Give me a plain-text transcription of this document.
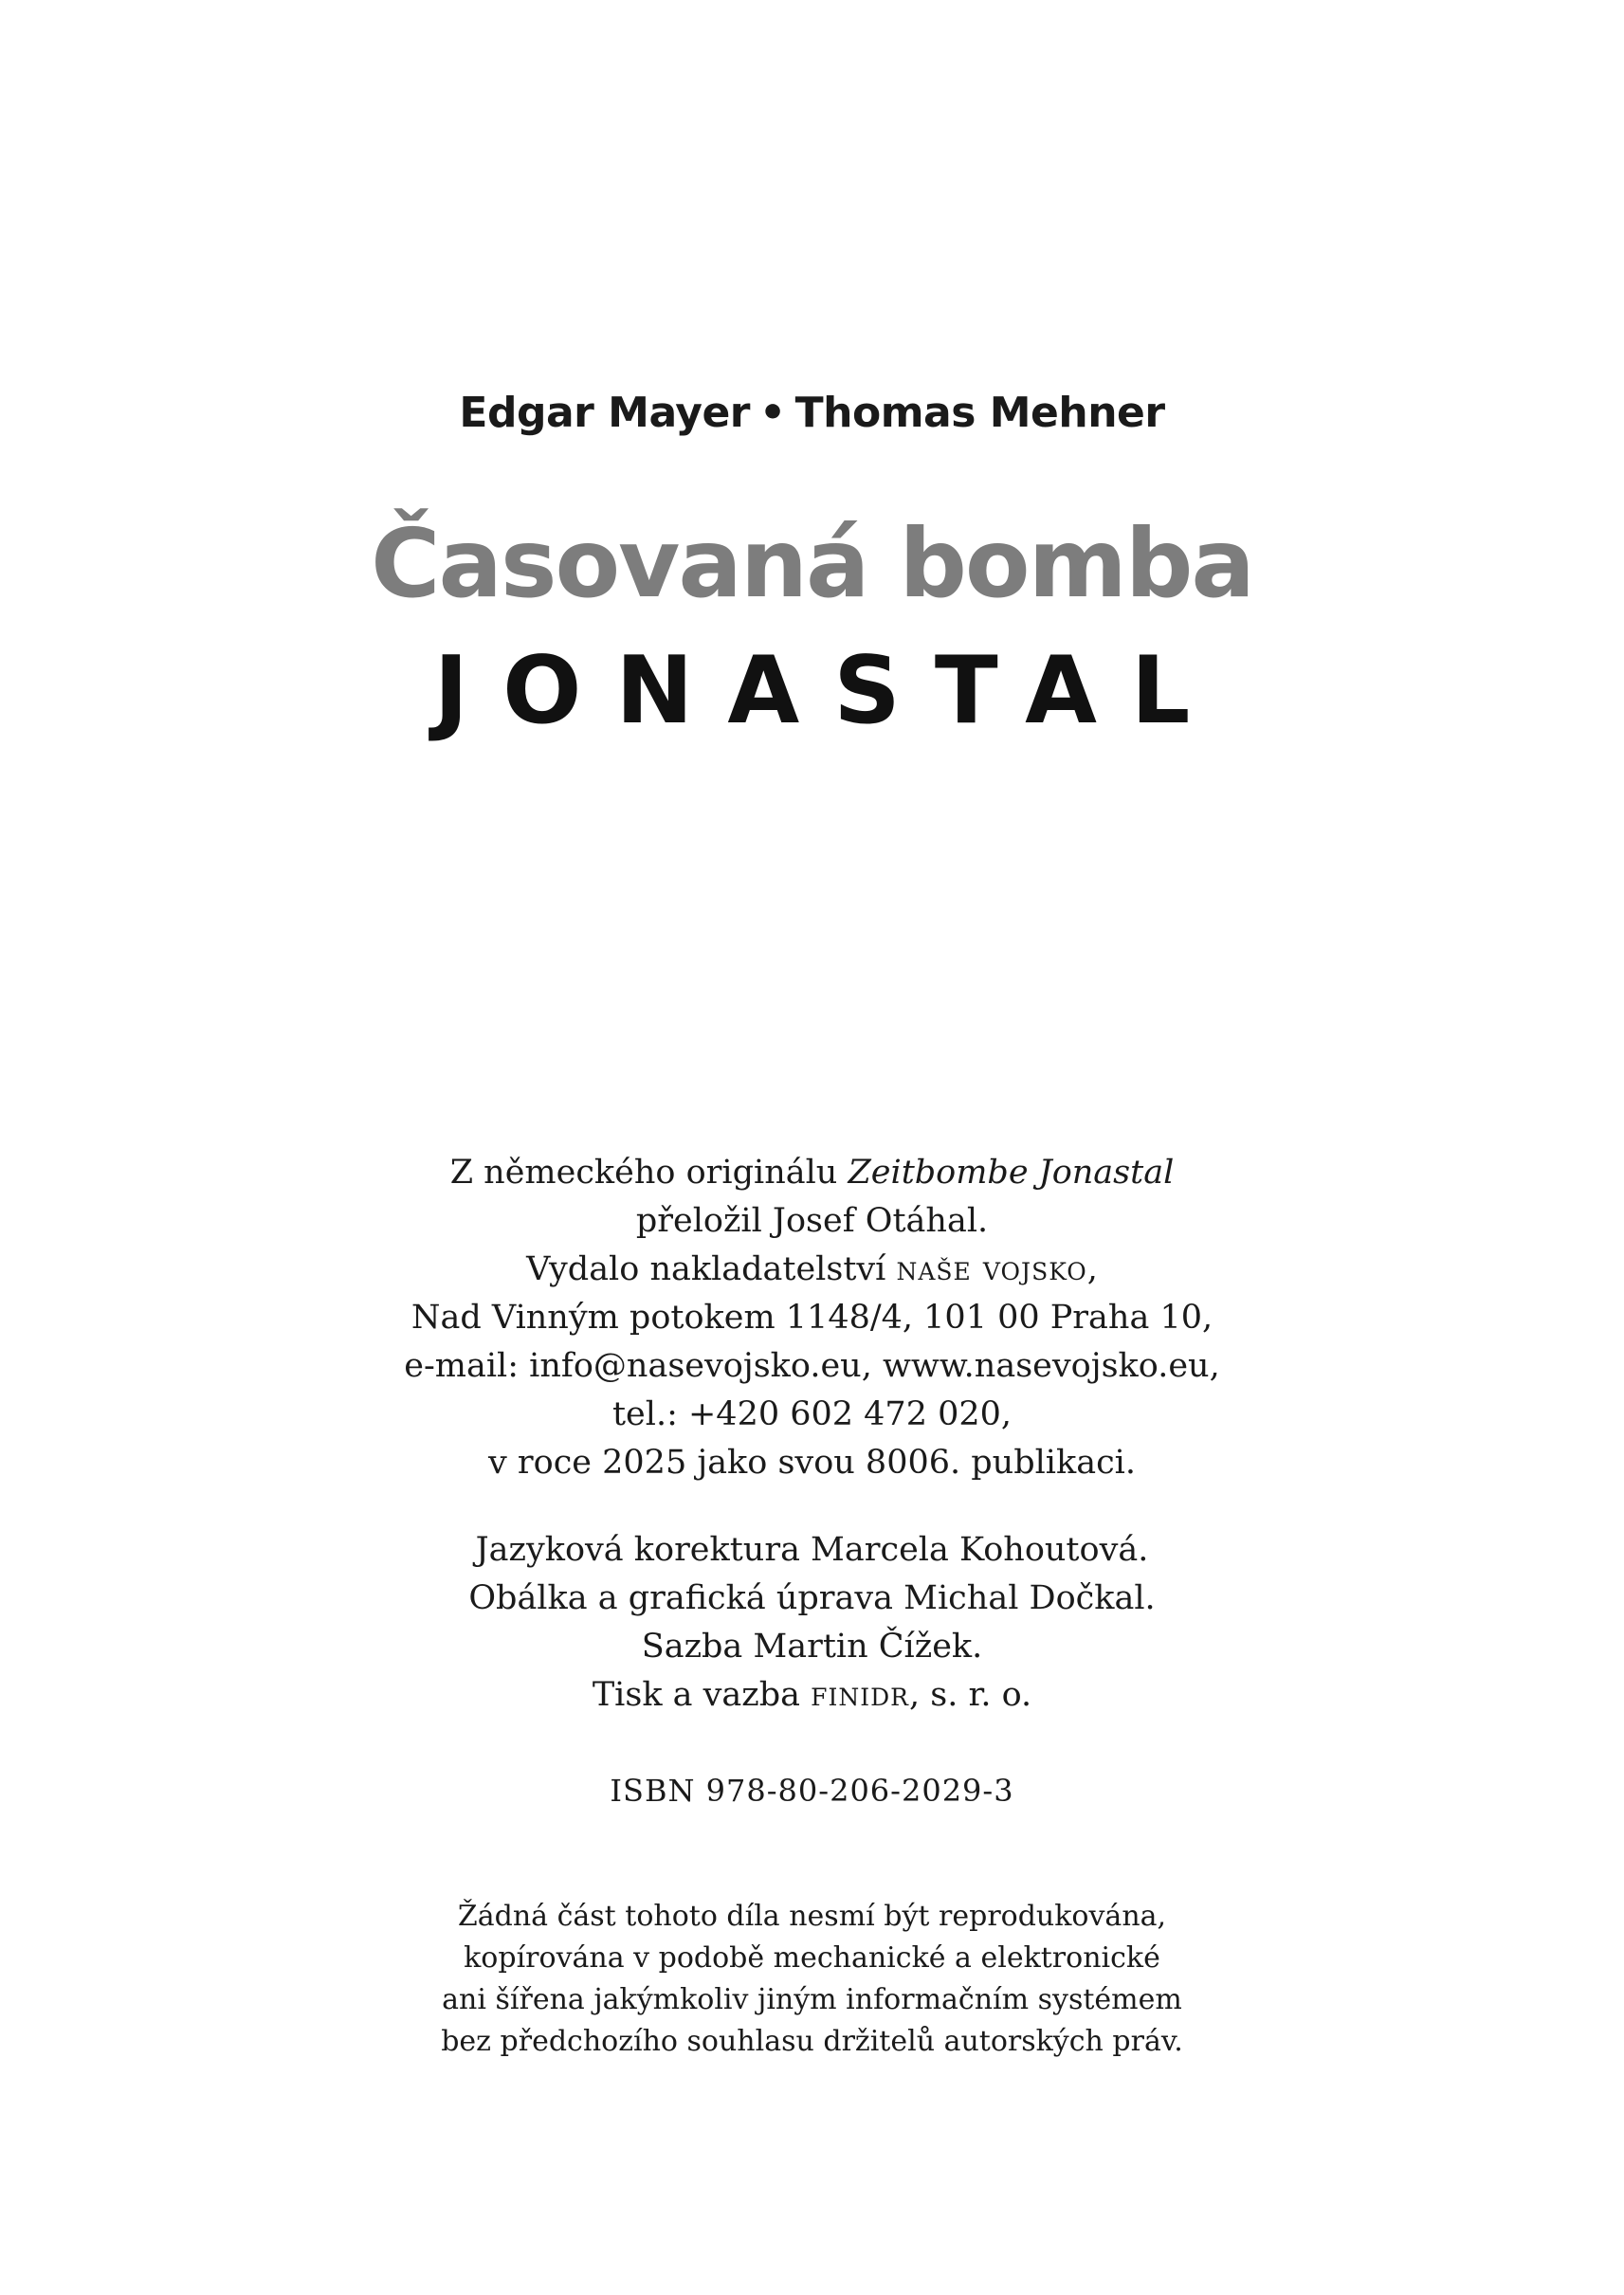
Edgar Mayer • Thomas Mehner
Časovaná bomba
JONASTAL
Z německého originálu Zeitbombe Jonastal
přeložil Josef Otáhal.
Vydalo nakladatelství naše vojsko,
Nad Vinným potokem 1148/4, 101 00 Praha 10,
e-mail: info@nasevojsko.eu, www.nasevojsko.eu,
tel.: +420 602 472 020,
v roce 2025 jako svou 8006. publikaci.
Jazyková korektura Marcela Kohoutová.
Obálka a grafická úprava Michal Dočkal.
Sazba Martin Čížek.
Tisk a vazba finidr, s. r. o.
ISBN 978-80-206-2029-3
Žádná část tohoto díla nesmí být reprodukována,
kopírována v podobě mechanické a elektronické
ani šířena jakýmkoliv jiným informačním systémem
bez předchozího souhlasu držitelů autorských práv.
